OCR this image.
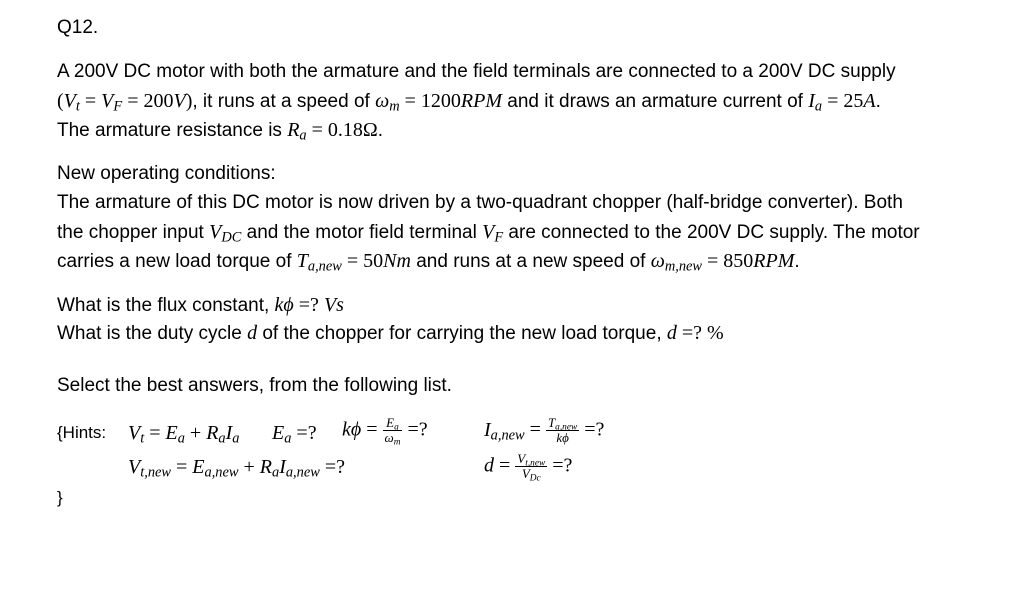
Q12.
A 200V DC motor with both the armature and the field terminals are connected to a 200V DC supply
$(V_t = V_F = 200V)$, it runs at a speed of $\omega_m = 1200RPM$ and it draws an armature current of $I_a = 25A$.
The armature resistance is $R_a = 0.18\Omega$.
New operating conditions:
The armature of this DC motor is now driven by a two-quadrant chopper (half-bridge converter). Both
the chopper input $V_{DC}$ and the motor field terminal $V_F$ are connected to the 200V DC supply. The motor
carries a new load torque of $T_{a,new} = 50Nm$ and runs at a new speed of $\omega_{m,new} = 850RPM$.
What is the flux constant, kϕ =? Vs
What is the duty cycle d of the chopper for carrying the new load torque, d =? %
Select the best answers, from the following list.
{Hints: $V_t = E_a + R_aI_a$ $E_a$ =? $k\phi = \frac{E_a}{\omega_m}$ =?	$I_{a,new} = \frac{T_{a,new}}{k\phi}$ =?
$V_{t,new} = E_{a,new} + R_aI_{a,new}$ =?	$d = \frac{V_{t,new}}{V_{Dc}}$ =?
}
